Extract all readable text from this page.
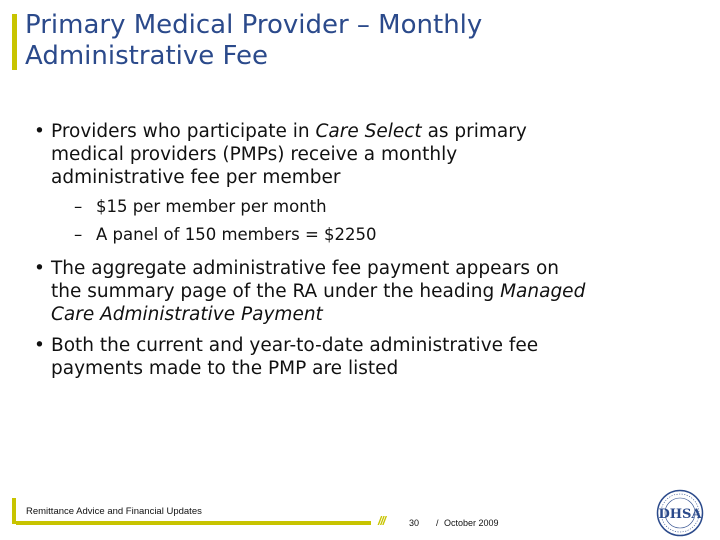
Primary Medical Provider – Monthly
Administrative Fee
• Providers who participate in Care Select as primary medical providers (PMPs) receive a monthly administrative fee per member
– $15 per member per month
– A panel of 150 members = $2250
• The aggregate administrative fee payment appears on the summary page of the RA under the heading Managed Care Administrative Payment
• Both the current and year-to-date administrative fee payments made to the PMP are listed
Remittance Advice and Financial Updates
///	30 / October 2009
DHSA
